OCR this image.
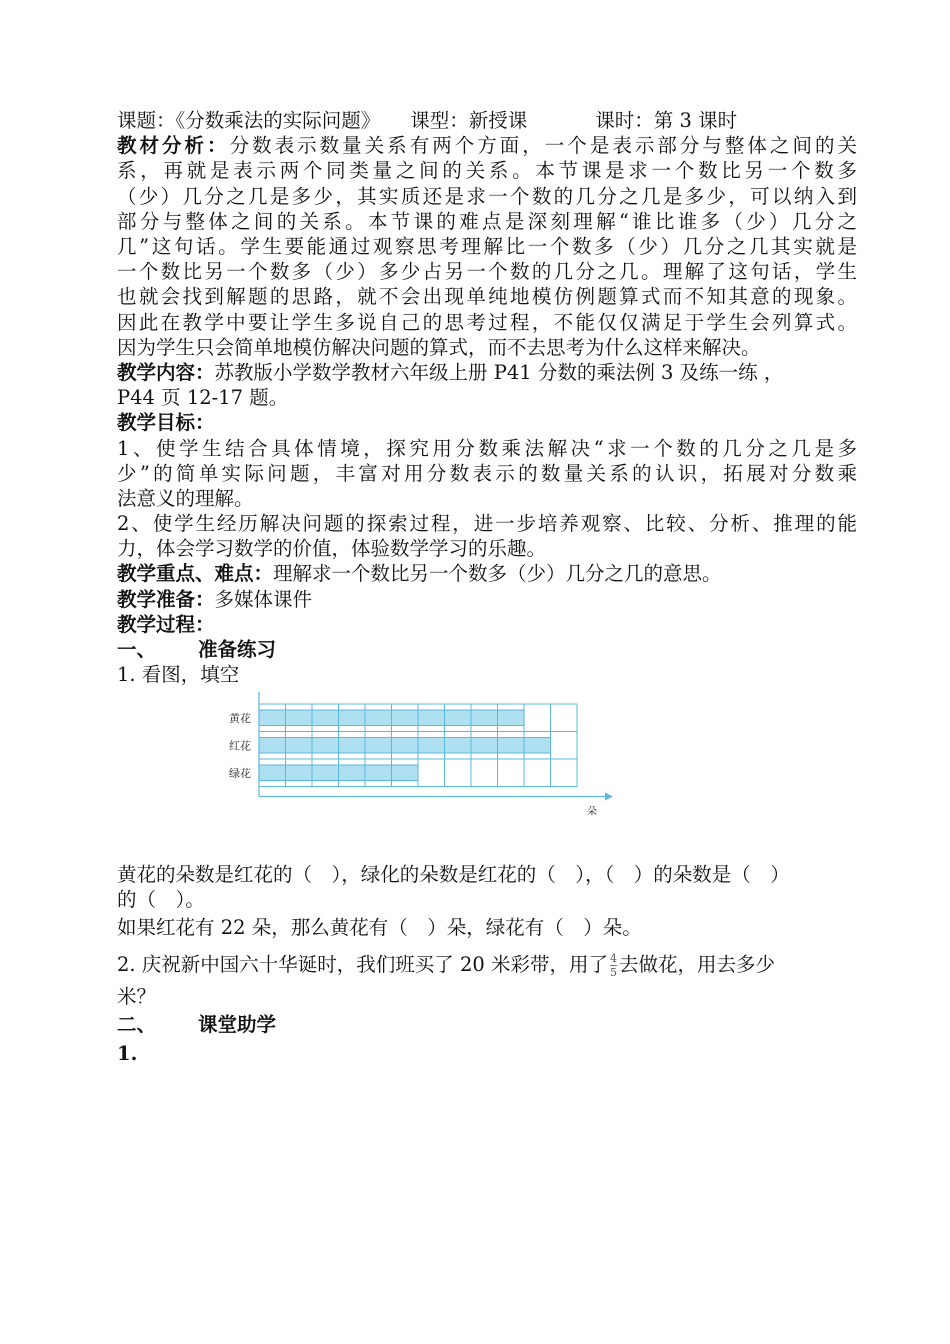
课题：《分数乘法的实际问题》 课型：新授课	课时：第 3 课时
教材分析：分数表示数量关系有两个方面，一个是表示部分与整体之间的关
系，再就是表示两个同类量之间的关系。本节课是求一个数比另一个数多
（少）几分之几是多少，其实质还是求一个数的几分之几是多少，可以纳入到
部分与整体之间的关系。本节课的难点是深刻理解“谁比谁多（少）几分之
几”这句话。学生要能通过观察思考理解比一个数多（少）几分之几其实就是
一个数比另一个数多（少）多少占另一个数的几分之几。理解了这句话，学生
也就会找到解题的思路，就不会出现单纯地模仿例题算式而不知其意的现象。
因此在教学中要让学生多说自己的思考过程，不能仅仅满足于学生会列算式。
因为学生只会简单地模仿解决问题的算式，而不去思考为什么这样来解决。
教学内容：苏教版小学数学教材六年级上册 P41 分数的乘法例 3 及练一练 ，
P44 页 12-17 题。
教学目标：
1、使学生结合具体情境，探究用分数乘法解决“求一个数的几分之几是多
少”的简单实际问题，丰富对用分数表示的数量关系的认识，拓展对分数乘
法意义的理解。
2、使学生经历解决问题的探索过程，进一步培养观察、比较、分析、推理的能
力，体会学习数学的价值，体验数学学习的乐趣。
教学重点、难点：理解求一个数比另一个数多（少）几分之几的意思。
教学准备：多媒体课件
教学过程：
一、 准备练习
1. 看图，填空
黄花
红花
绿花
朵
黄花的朵数是红花的（　），绿化的朵数是红花的（　），（　）的朵数是（　）
的（　）。
如果红花有 22 朵，那么黄花有（　）朵，绿花有（　）朵。
2. 庆祝新中国六十华诞时，我们班买了 20 米彩带，用了 $\frac{4}{5}$ 去做花，用去多少
米？
二、 课堂助学
1.
